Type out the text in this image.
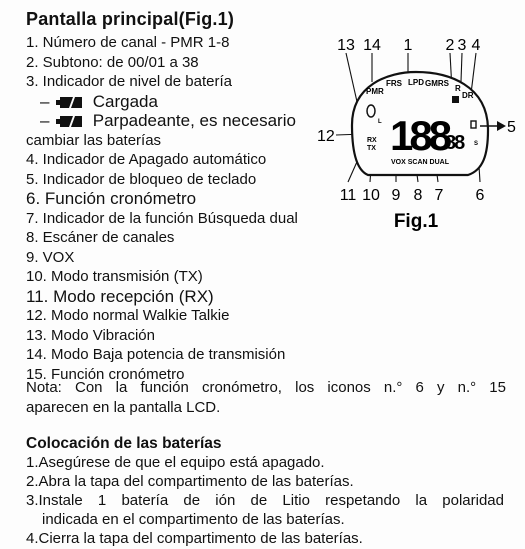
Pantalla principal(Fig.1)
1. Número de canal - PMR 1-8
2. Subtono: de 00/01 a 38
3. Indicador de nivel de batería
–	Cargada
–	Parpadeante, es necesario
cambiar las baterías
4. Indicador de Apagado automático
5. Indicador de bloqueo de teclado
6. Función cronómetro
7. Indicador de la función Búsqueda dual
8. Escáner de canales
9. VOX
10. Modo transmisión (TX)
11. Modo recepción (RX)
12. Modo normal Walkie Talkie
13. Modo Vibración
14. Modo Baja potencia de transmisión
15. Función cronómetro
Nota: Con la función cronómetro, los iconos n.° 6 y n.° 15
aparecen en la pantalla LCD.
Colocación de las baterías
1.Asegúrese de que el equipo está apagado.
2.Abra la tapa del compartimento de las baterías.
3.Instale 1 batería de ión de Litio respetando la polaridad
indicada en el compartimento de las baterías.
4.Cierra la tapa del compartimento de las baterías.
13 14 1 2 3 4
PMR
FRS LPD GMRS
R
DR
L 188
88
RX
TX
S
VOX SCAN DUAL
12
5
11 10 9 8 7 6
Fig.1
